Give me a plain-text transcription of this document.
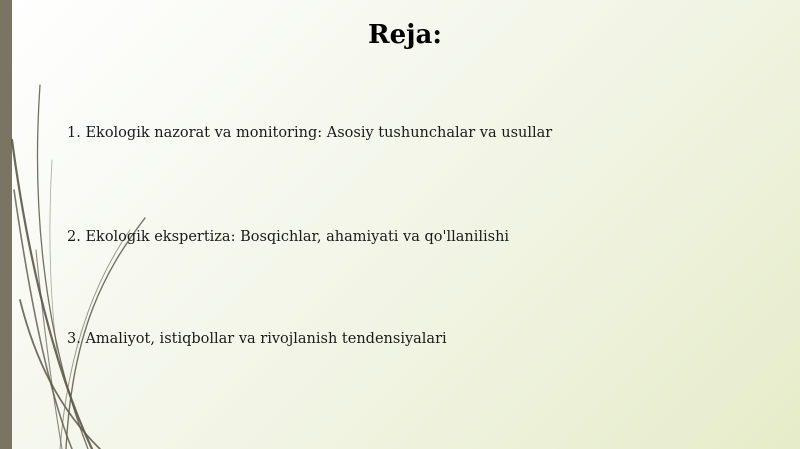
Reja:
1. Ekologik nazorat va monitoring: Asosiy tushunchalar va usullar
2. Ekologik ekspertiza: Bosqichlar, ahamiyati va qo'llanilishi
3. Amaliyot, istiqbollar va rivojlanish tendensiyalari
